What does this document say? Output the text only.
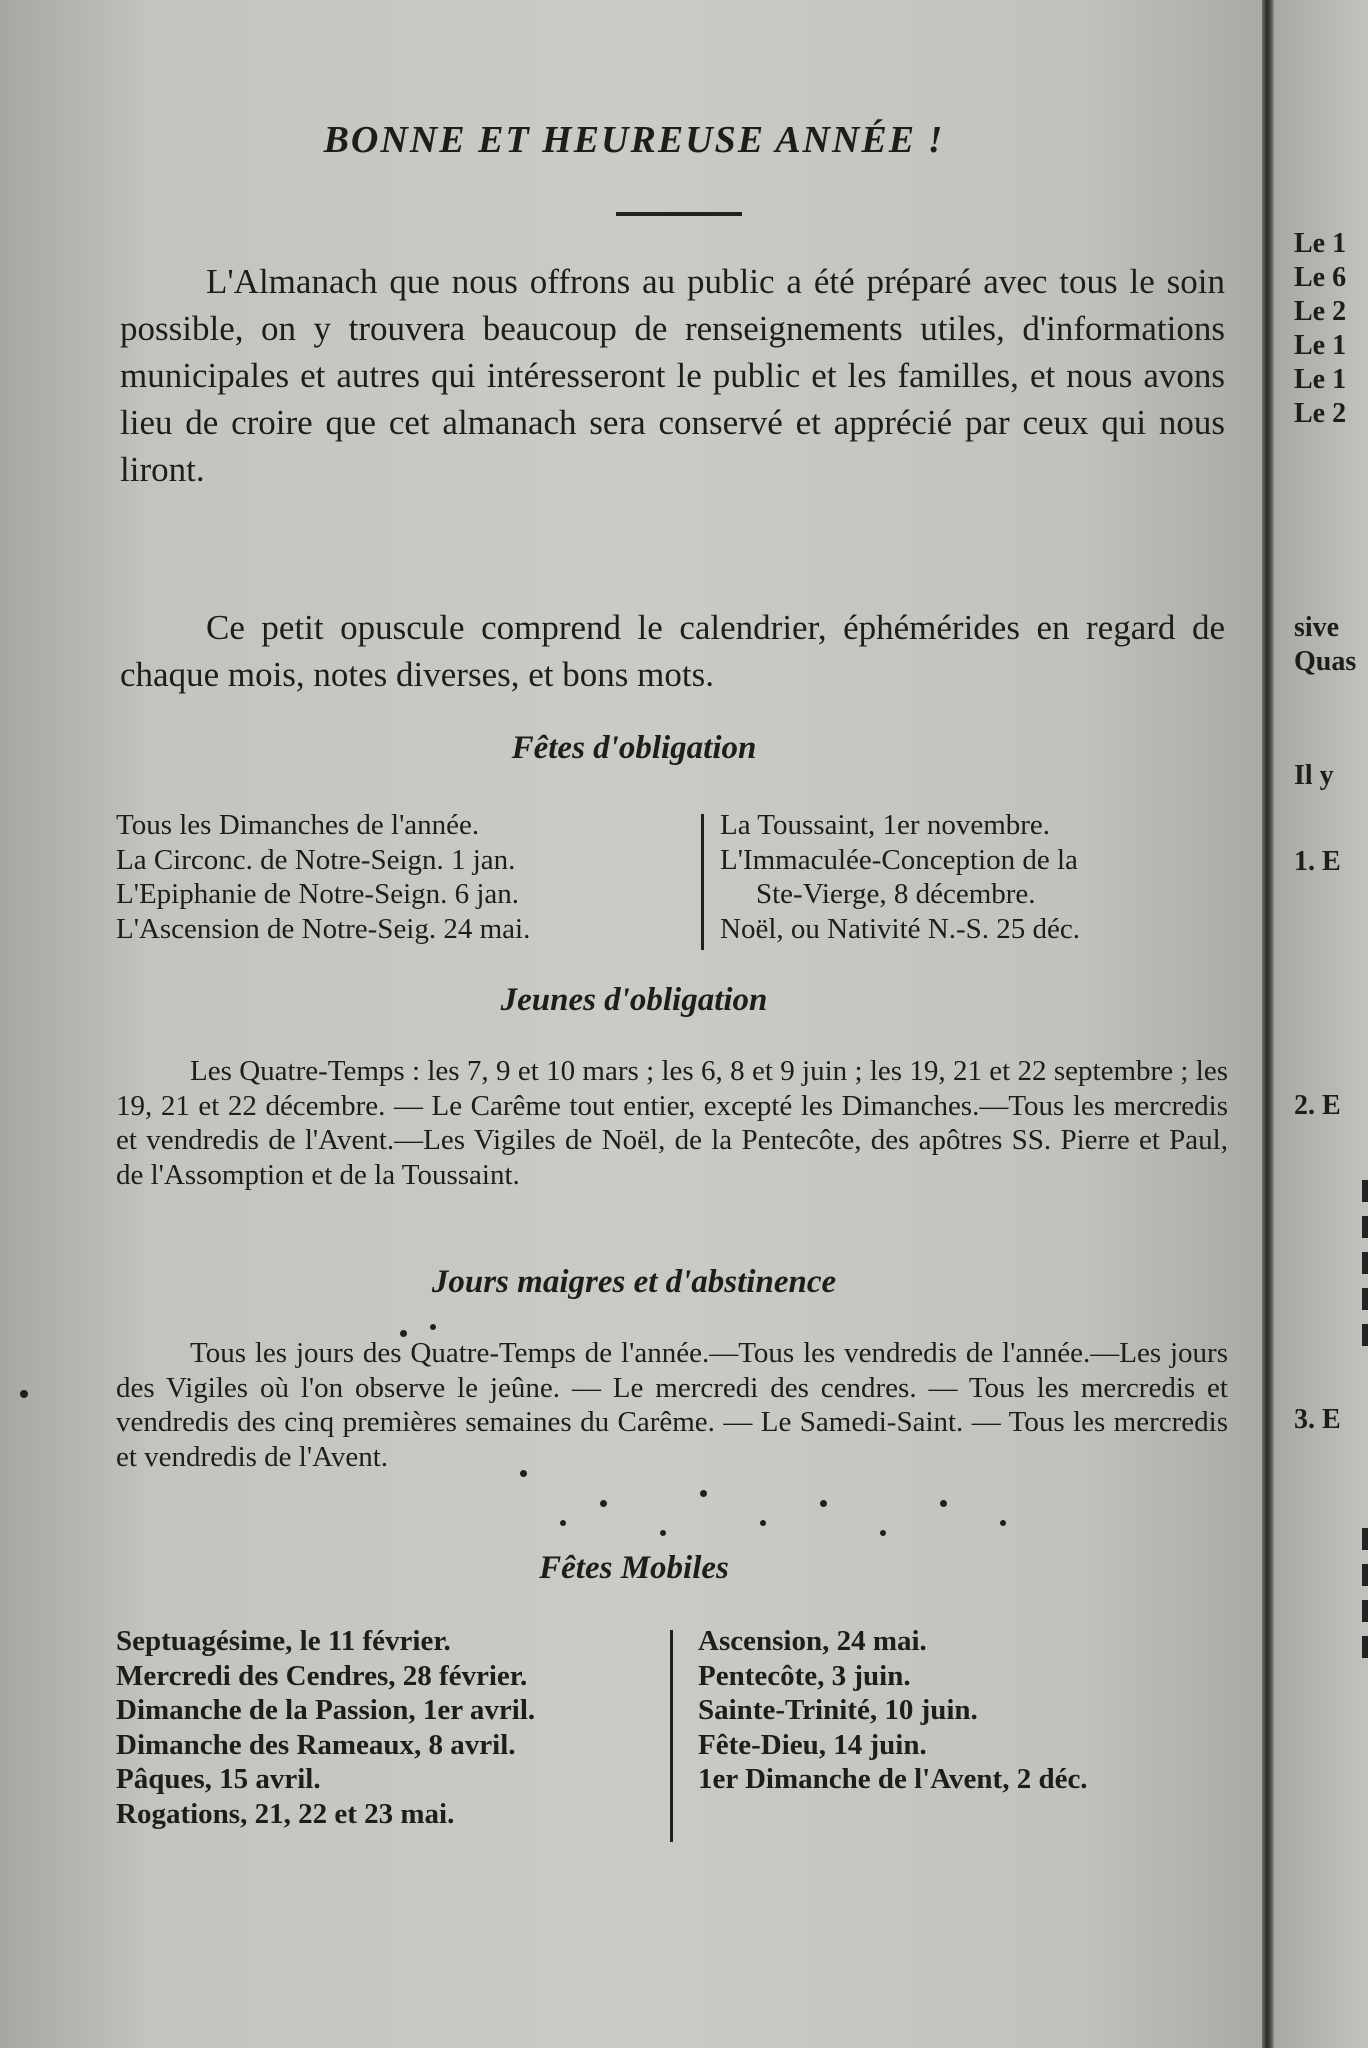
BONNE ET HEUREUSE ANNÉE !

L'Almanach que nous offrons au public a été préparé avec tous le soin possible, on y trouvera beaucoup de renseignements utiles, d'informations municipales et autres qui intéresseront le public et les familles, et nous avons lieu de croire que cet almanach sera conservé et apprécié par ceux qui nous liront.

Ce petit opuscule comprend le calendrier, éphémérides en regard de chaque mois, notes diverses, et bons mots.

Fêtes d'obligation
Tous les Dimanches de l'année.
La Circonc. de Notre-Seign. 1 jan.
L'Epiphanie de Notre-Seign. 6 jan.
L'Ascension de Notre-Seig. 24 mai.
La Toussaint, 1er novembre.
L'Immaculée-Conception de la
Ste-Vierge, 8 décembre.
Noël, ou Nativité N.-S. 25 déc.
Jeunes d'obligation

Les Quatre-Temps : les 7, 9 et 10 mars ; les 6, 8 et 9 juin ; les 19, 21 et 22 septembre ; les 19, 21 et 22 décembre. — Le Carême tout entier, excepté les Dimanches.—Tous les mercredis et vendredis de l'Avent.—Les Vigiles de Noël, de la Pentecôte, des apôtres SS. Pierre et Paul, de l'Assomption et de la Toussaint.

Jours maigres et d'abstinence

Tous les jours des Quatre-Temps de l'année.—Tous les vendredis de l'année.—Les jours des Vigiles où l'on observe le jeûne. — Le mercredi des cendres. — Tous les mercredis et vendredis des cinq premières semaines du Carême. — Le Samedi-Saint. — Tous les mercredis et vendredis de l'Avent.

Fêtes Mobiles
Septuagésime, le 11 février.
Mercredi des Cendres, 28 février.
Dimanche de la Passion, 1er avril.
Dimanche des Rameaux, 8 avril.
Pâques, 15 avril.
Rogations, 21, 22 et 23 mai.
Ascension, 24 mai.
Pentecôte, 3 juin.
Sainte-Trinité, 10 juin.
Fête-Dieu, 14 juin.
1er Dimanche de l'Avent, 2 déc.
Le 1
Le 6
Le 2
Le 1
Le 1
Le 2
sive
Quas
Il y
1. E
2. E
3. E
